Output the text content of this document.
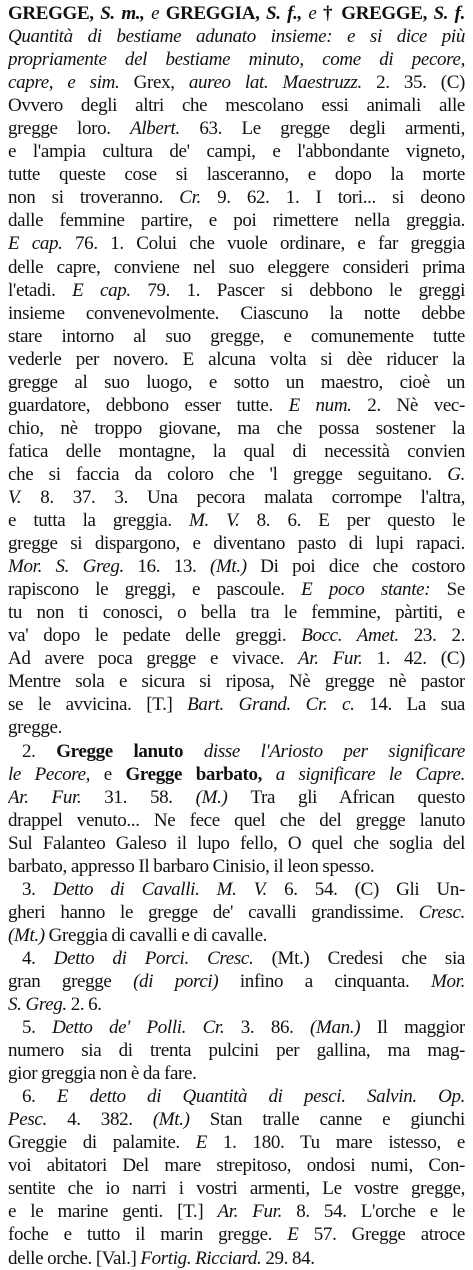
GREGGE, S. m., e GREGGIA, S. f., e † GREGGE, S. f.
Quantità di bestiame adunato insieme: e si dice più
propriamente del bestiame minuto, come di pecore,
capre, e sim. Grex, aureo lat. Maestruzz. 2. 35. (C)
Ovvero degli altri che mescolano essi animali alle
gregge loro. Albert. 63. Le gregge degli armenti,
e l'ampia cultura de' campi, e l'abbondante vigneto,
tutte queste cose si lasceranno, e dopo la morte
non si troveranno. Cr. 9. 62. 1. I tori... si deono
dalle femmine partire, e poi rimettere nella greggia.
E cap. 76. 1. Colui che vuole ordinare, e far greggia
delle capre, conviene nel suo eleggere consideri prima
l'etadi. E cap. 79. 1. Pascer si debbono le greggi
insieme convenevolmente. Ciascuno la notte debbe
stare intorno al suo gregge, e comunemente tutte
vederle per novero. E alcuna volta si dèe riducer la
gregge al suo luogo, e sotto un maestro, cioè un
guardatore, debbono esser tutte. E num. 2. Nè vec-
chio, nè troppo giovane, ma che possa sostener la
fatica delle montagne, la qual di necessità convien
che si faccia da coloro che 'l gregge seguitano. G.
V. 8. 37. 3. Una pecora malata corrompe l'altra,
e tutta la greggia. M. V. 8. 6. E per questo le
gregge si dispargono, e diventano pasto di lupi rapaci.
Mor. S. Greg. 16. 13. (Mt.) Di poi dice che costoro
rapiscono le greggi, e pascoule. E poco stante: Se
tu non ti conosci, o bella tra le femmine, pàrtiti, e
va' dopo le pedate delle greggi. Bocc. Amet. 23. 2.
Ad avere poca gregge e vivace. Ar. Fur. 1. 42. (C)
Mentre sola e sicura si riposa, Nè gregge nè pastor
se le avvicina. [T.] Bart. Grand. Cr. c. 14. La sua
gregge.
2. Gregge lanuto disse l'Ariosto per significare
le Pecore, e Gregge barbato, a significare le Capre.
Ar. Fur. 31. 58. (M.) Tra gli African questo
drappel venuto... Ne fece quel che del gregge lanuto
Sul Falanteo Galeso il lupo fello, O quel che soglia del
barbato, appresso Il barbaro Cinisio, il leon spesso.
3. Detto di Cavalli. M. V. 6. 54. (C) Gli Un-
gheri hanno le gregge de' cavalli grandissime. Cresc.
(Mt.) Greggia di cavalli e di cavalle.
4. Detto di Porci. Cresc. (Mt.) Credesi che sia
gran gregge (di porci) infino a cinquanta. Mor.
S. Greg. 2. 6.
5. Detto de' Polli. Cr. 3. 86. (Man.) Il maggior
numero sia di trenta pulcini per gallina, ma mag-
gior greggia non è da fare.
6. E detto di Quantità di pesci. Salvin. Op.
Pesc. 4. 382. (Mt.) Stan tralle canne e giunchi
Greggie di palamite. E 1. 180. Tu mare istesso, e
voi abitatori Del mare strepitoso, ondosi numi, Con-
sentite che io narri i vostri armenti, Le vostre gregge,
e le marine genti. [T.] Ar. Fur. 8. 54. L'orche e le
foche e tutto il marin gregge. E 57. Gregge atroce
delle orche. [Val.] Fortig. Ricciard. 29. 84.
